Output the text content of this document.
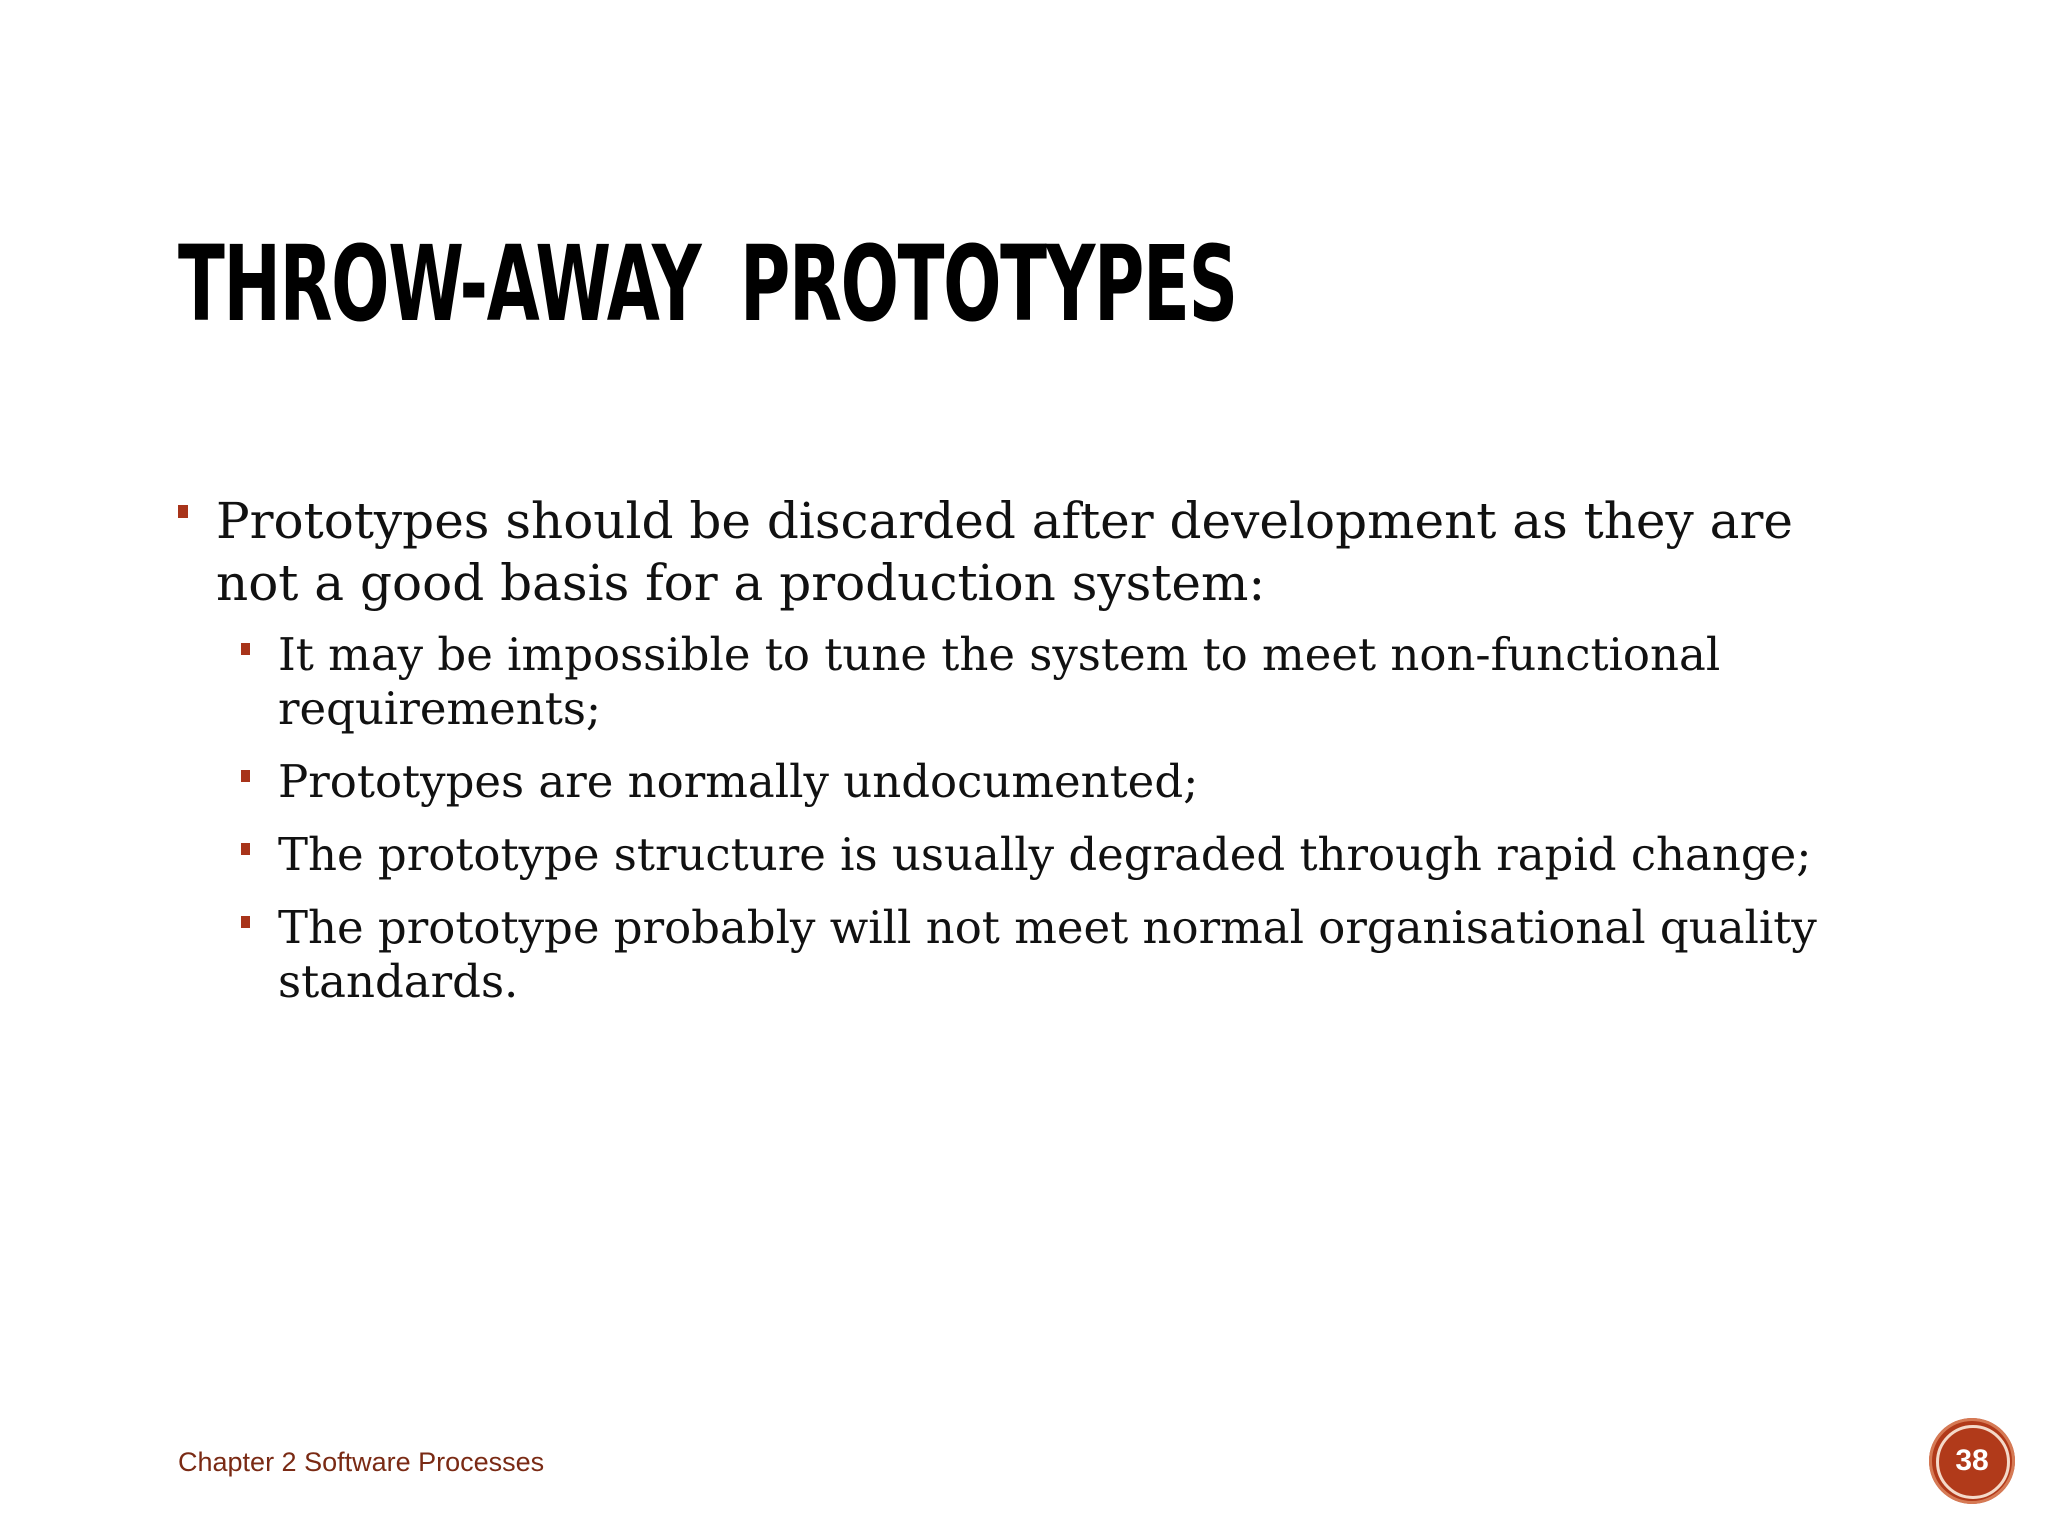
THROW-AWAY PROTOTYPES
Prototypes should be discarded after development as they are not a good basis for a production system:
It may be impossible to tune the system to meet non-functional requirements;
Prototypes are normally undocumented;
The prototype structure is usually degraded through rapid change;
The prototype probably will not meet normal organisational quality standards.
Chapter 2 Software Processes	38
